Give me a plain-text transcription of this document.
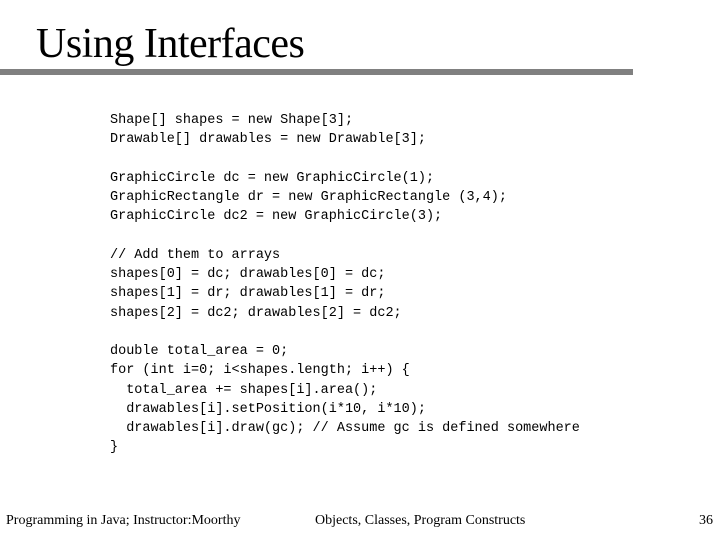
Using Interfaces
Shape[] shapes = new Shape[3];
Drawable[] drawables = new Drawable[3];
GraphicCircle dc = new GraphicCircle(1);
GraphicRectangle dr = new GraphicRectangle (3,4);
GraphicCircle dc2 = new GraphicCircle(3);
// Add them to arrays
shapes[0] = dc; drawables[0] = dc;
shapes[1] = dr; drawables[1] = dr;
shapes[2] = dc2; drawables[2] = dc2;
double total_area = 0;
for (int i=0; i<shapes.length; i++) {
total_area += shapes[i].area();
drawables[i].setPosition(i*10, i*10);
drawables[i].draw(gc); // Assume gc is defined somewhere
}
Programming in Java; Instructor:Moorthy	Objects, Classes, Program Constructs	36
